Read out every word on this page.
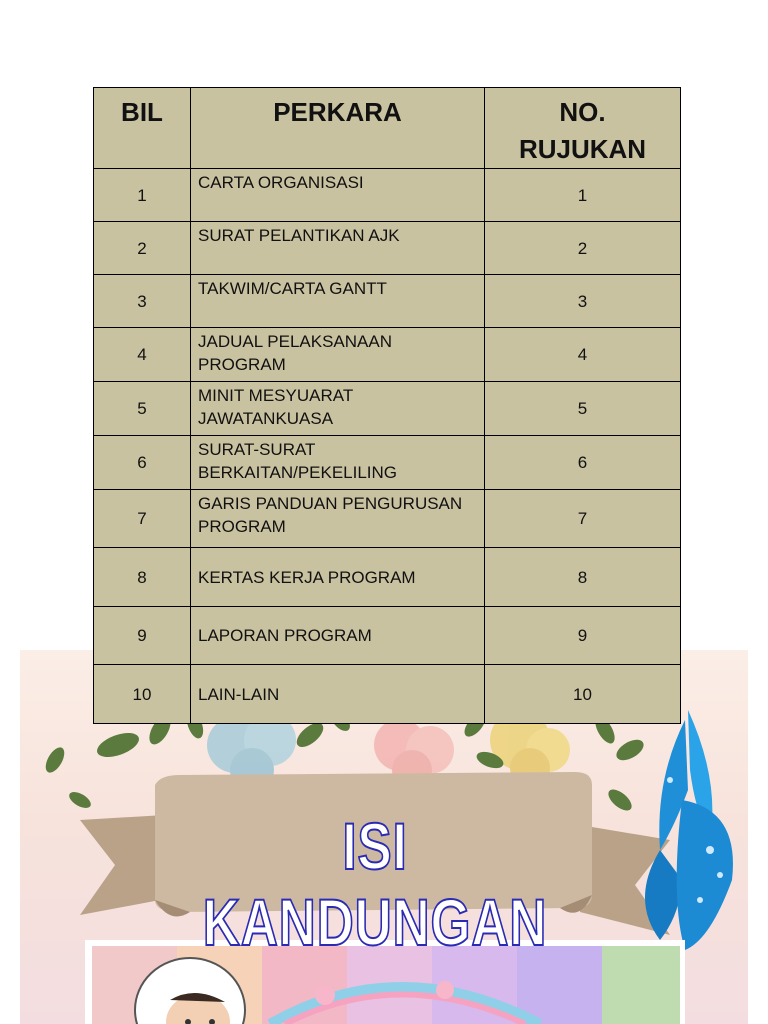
BIL	PERKARA	NO.
RUJUKAN
1	CARTA ORGANISASI	1
2	SURAT PELANTIKAN AJK	2
3	TAKWIM/CARTA GANTT	3
4	JADUAL PELAKSANAAN PROGRAM	4
5	MINIT MESYUARAT JAWATANKUASA	5
6	SURAT-SURAT BERKAITAN/PEKELILING	6
7	GARIS PANDUAN PENGURUSAN PROGRAM	7
8	KERTAS KERJA PROGRAM	8
9	LAPORAN PROGRAM	9
10	LAIN-LAIN	10
ISI KANDUNGAN
